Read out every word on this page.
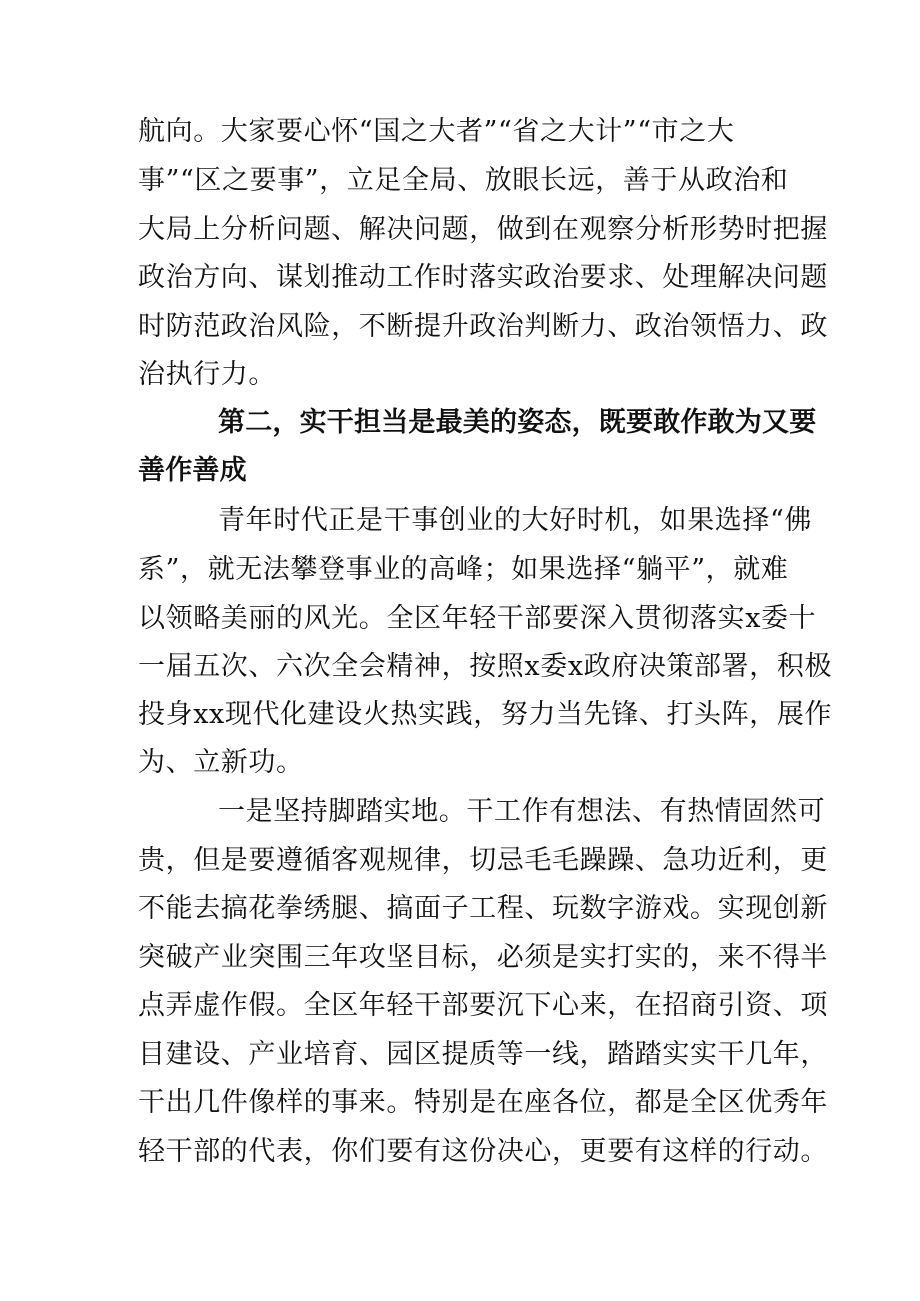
航向。大家要心怀“国之大者”“省之大计”“市之大
事”“区之要事”，立足全局、放眼长远，善于从政治和
大局上分析问题、解决问题，做到在观察分析形势时把握
政治方向、谋划推动工作时落实政治要求、处理解决问题
时防范政治风险，不断提升政治判断力、政治领悟力、政
治执行力。
第二，实干担当是最美的姿态，既要敢作敢为又要
善作善成
青年时代正是干事创业的大好时机，如果选择“佛
系”，就无法攀登事业的高峰；如果选择“躺平”，就难
以领略美丽的风光。全区年轻干部要深入贯彻落实x委十
一届五次、六次全会精神，按照x委x政府决策部署，积极
投身xx现代化建设火热实践，努力当先锋、打头阵，展作
为、立新功。
一是坚持脚踏实地。干工作有想法、有热情固然可
贵，但是要遵循客观规律，切忌毛毛躁躁、急功近利，更
不能去搞花拳绣腿、搞面子工程、玩数字游戏。实现创新
突破产业突围三年攻坚目标，必须是实打实的，来不得半
点弄虚作假。全区年轻干部要沉下心来，在招商引资、项
目建设、产业培育、园区提质等一线，踏踏实实干几年，
干出几件像样的事来。特别是在座各位，都是全区优秀年
轻干部的代表，你们要有这份决心，更要有这样的行动。
